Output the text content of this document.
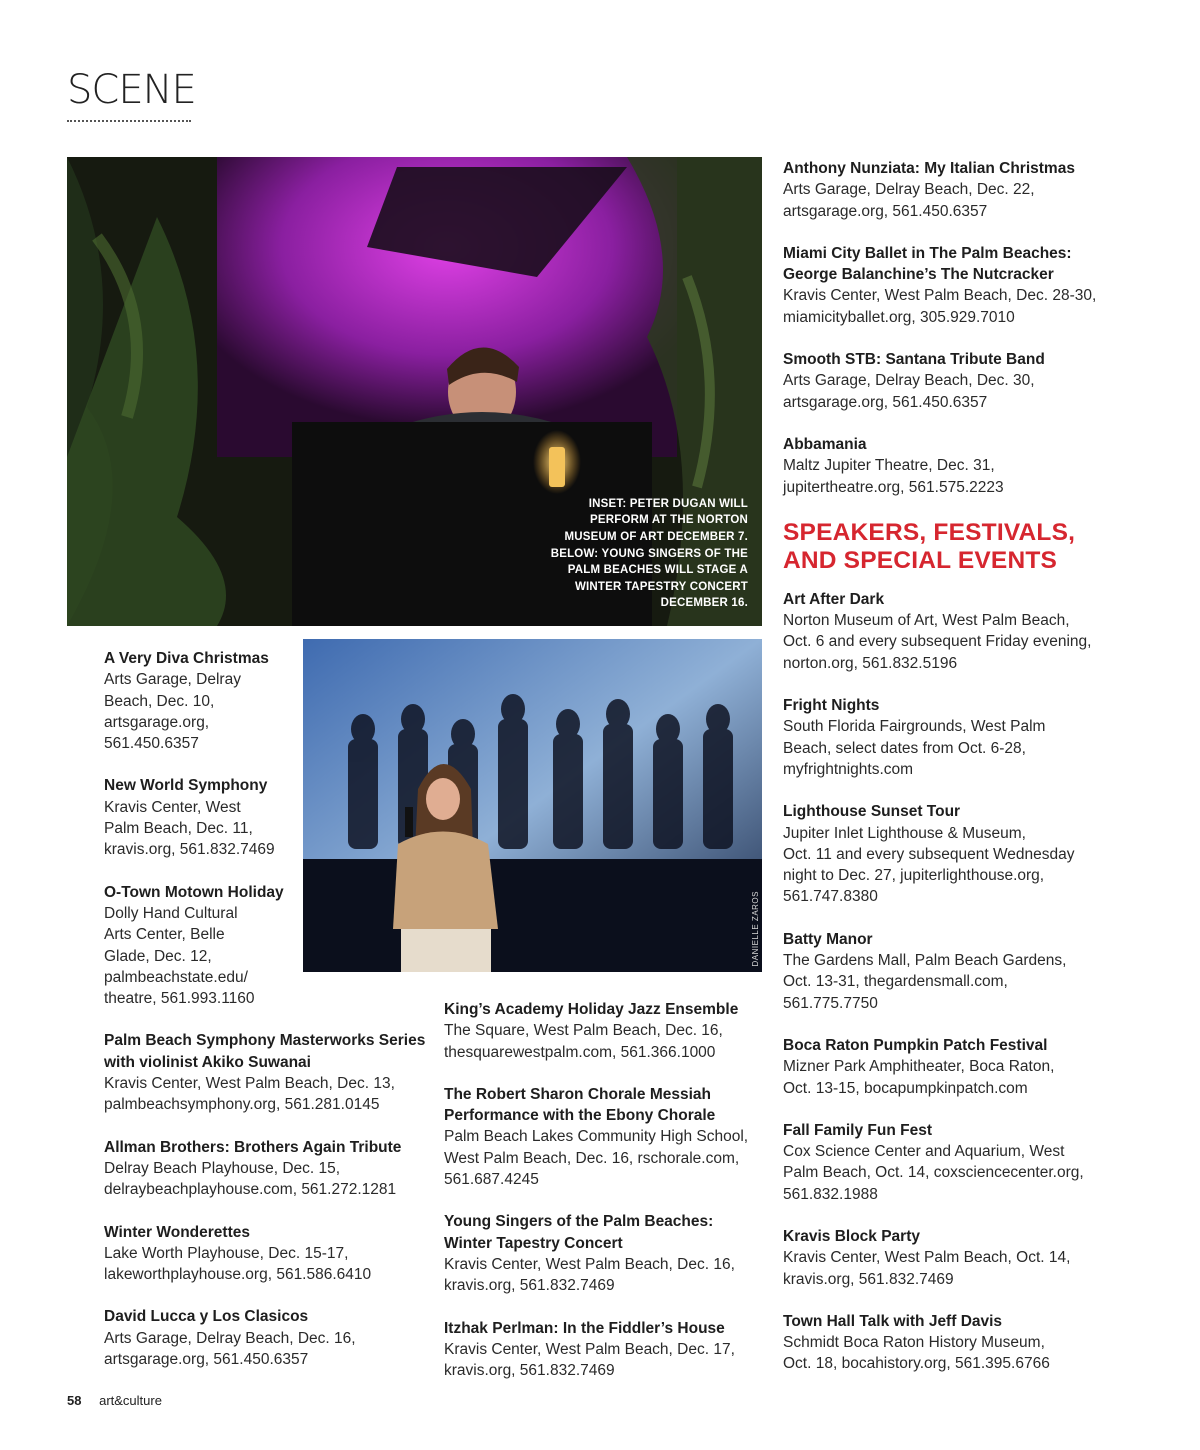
SCENE
INSET: PETER DUGAN WILL PERFORM AT THE NORTON MUSEUM OF ART DECEMBER 7. BELOW: YOUNG SINGERS OF THE PALM BEACHES WILL STAGE A WINTER TAPESTRY CONCERT DECEMBER 16.
DANIELLE ZAROS
A Very Diva Christmas
Arts Garage, Delray
Beach, Dec. 10,
artsgarage.org,
561.450.6357
New World Symphony
Kravis Center, West
Palm Beach, Dec. 11,
kravis.org, 561.832.7469
O-Town Motown Holiday
Dolly Hand Cultural
Arts Center, Belle
Glade, Dec. 12,
palmbeachstate.edu/
theatre, 561.993.1160
Palm Beach Symphony Masterworks Series
with violinist Akiko Suwanai
Kravis Center, West Palm Beach, Dec. 13,
palmbeachsymphony.org, 561.281.0145
Allman Brothers: Brothers Again Tribute
Delray Beach Playhouse, Dec. 15,
delraybeachplayhouse.com, 561.272.1281
Winter Wonderettes
Lake Worth Playhouse, Dec. 15-17,
lakeworthplayhouse.org, 561.586.6410
David Lucca y Los Clasicos
Arts Garage, Delray Beach, Dec. 16,
artsgarage.org, 561.450.6357
King’s Academy Holiday Jazz Ensemble
The Square, West Palm Beach, Dec. 16,
thesquarewestpalm.com, 561.366.1000
The Robert Sharon Chorale Messiah
Performance with the Ebony Chorale
Palm Beach Lakes Community High School,
West Palm Beach, Dec. 16, rschorale.com,
561.687.4245
Young Singers of the Palm Beaches:
Winter Tapestry Concert
Kravis Center, West Palm Beach, Dec. 16,
kravis.org, 561.832.7469
Itzhak Perlman: In the Fiddler’s House
Kravis Center, West Palm Beach, Dec. 17,
kravis.org, 561.832.7469
Anthony Nunziata: My Italian Christmas
Arts Garage, Delray Beach, Dec. 22,
artsgarage.org, 561.450.6357
Miami City Ballet in The Palm Beaches:
George Balanchine’s The Nutcracker
Kravis Center, West Palm Beach, Dec. 28-30,
miamicityballet.org, 305.929.7010
Smooth STB: Santana Tribute Band
Arts Garage, Delray Beach, Dec. 30,
artsgarage.org, 561.450.6357
Abbamania
Maltz Jupiter Theatre, Dec. 31,
jupitertheatre.org, 561.575.2223
SPEAKERS, FESTIVALS,
AND SPECIAL EVENTS
Art After Dark
Norton Museum of Art, West Palm Beach,
Oct. 6 and every subsequent Friday evening,
norton.org, 561.832.5196
Fright Nights
South Florida Fairgrounds, West Palm
Beach, select dates from Oct. 6-28,
myfrightnights.com
Lighthouse Sunset Tour
Jupiter Inlet Lighthouse & Museum,
Oct. 11 and every subsequent Wednesday
night to Dec. 27, jupiterlighthouse.org,
561.747.8380
Batty Manor
The Gardens Mall, Palm Beach Gardens,
Oct. 13-31, thegardensmall.com,
561.775.7750
Boca Raton Pumpkin Patch Festival
Mizner Park Amphitheater, Boca Raton,
Oct. 13-15, bocapumpkinpatch.com
Fall Family Fun Fest
Cox Science Center and Aquarium, West
Palm Beach, Oct. 14, coxsciencecenter.org,
561.832.1988
Kravis Block Party
Kravis Center, West Palm Beach, Oct. 14,
kravis.org, 561.832.7469
Town Hall Talk with Jeff Davis
Schmidt Boca Raton History Museum,
Oct. 18, bocahistory.org, 561.395.6766
58 art&culture
